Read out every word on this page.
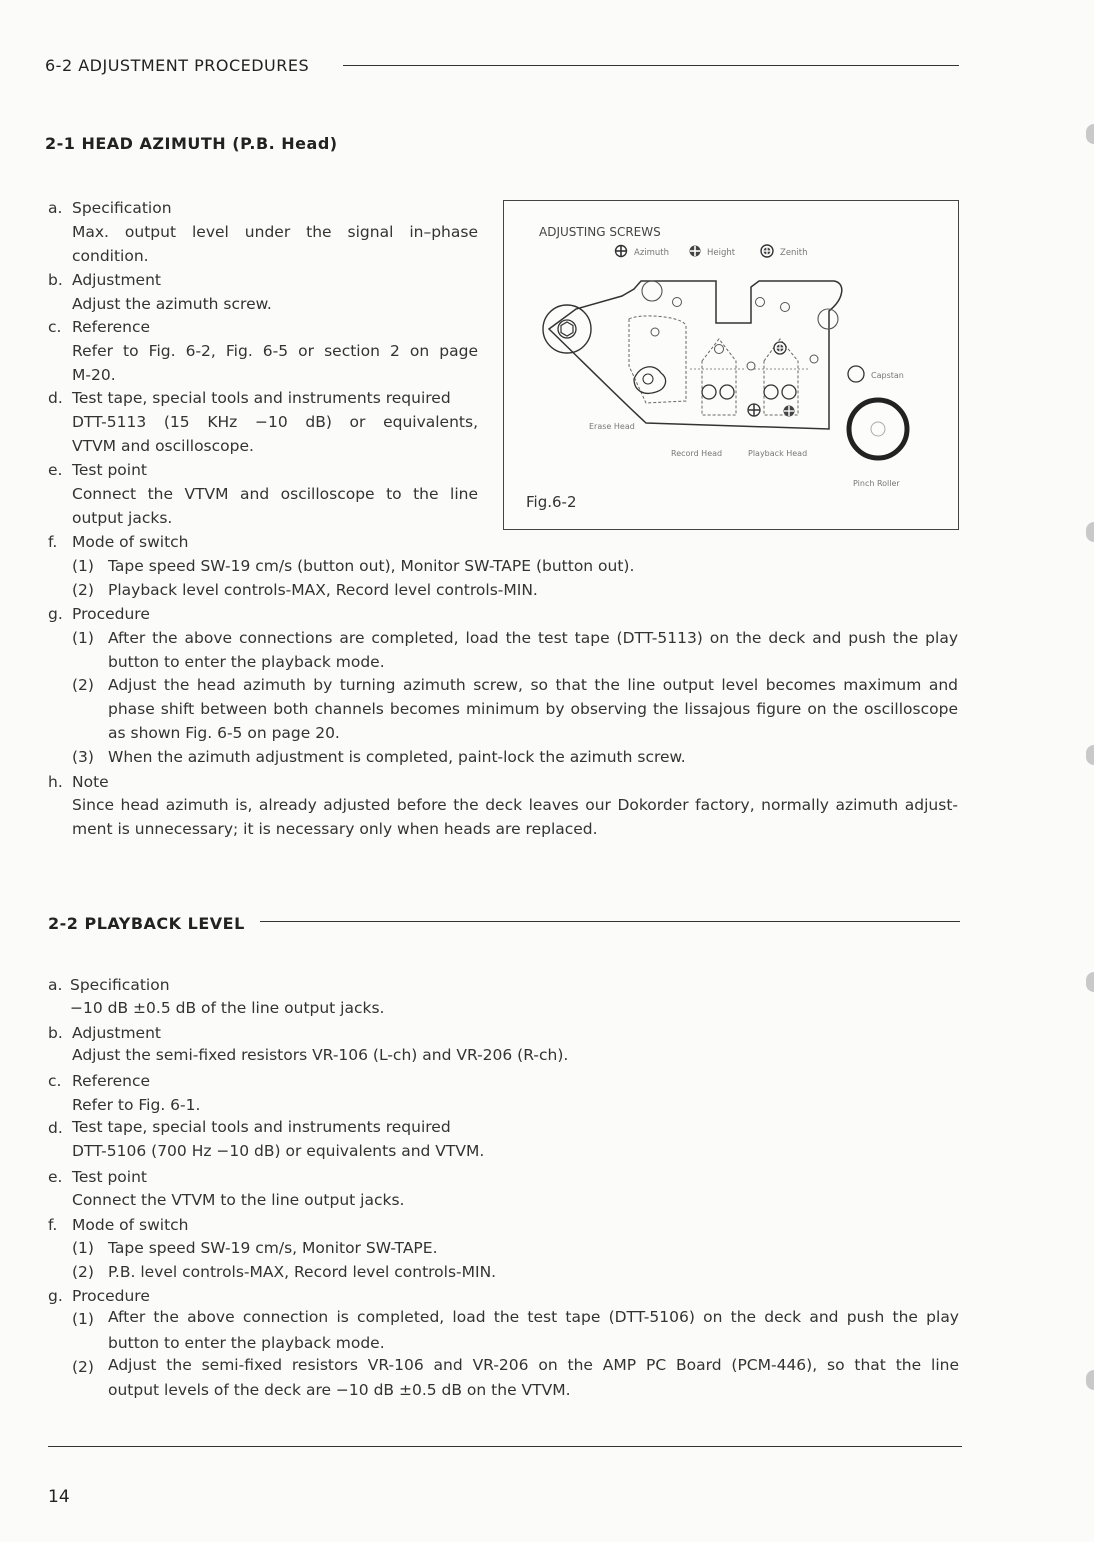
6-2 ADJUSTMENT PROCEDURES
2-1 HEAD AZIMUTH (P.B. Head)
a. Specification
Max. output level under the signal in–phase
condition.
b. Adjustment
Adjust the azimuth screw.
c. Reference
Refer to Fig. 6-2, Fig. 6-5 or section 2 on page
M-20.
d. Test tape, special tools and instruments required
DTT-5113 (15 KHz −10 dB) or equivalents,
VTVM and oscilloscope.
e. Test point
Connect the VTVM and oscilloscope to the line
output jacks.
f. Mode of switch
(1) Tape speed SW-19 cm/s (button out), Monitor SW-TAPE (button out).
(2) Playback level controls-MAX, Record level controls-MIN.
g. Procedure
(1) After the above connections are completed, load the test tape (DTT-5113) on the deck and push the play
button to enter the playback mode.
(2) Adjust the head azimuth by turning azimuth screw, so that the line output level becomes maximum and
phase shift between both channels becomes minimum by observing the lissajous figure on the oscilloscope
as shown Fig. 6-5 on page 20.
(3) When the azimuth adjustment is completed, paint-lock the azimuth screw.
h. Note
Since head azimuth is, already adjusted before the deck leaves our Dokorder factory, normally azimuth adjust-
ment is unnecessary; it is necessary only when heads are replaced.
ADJUSTING SCREWS
Azimuth	Height	Zenith
Capstan
Erase Head
Record Head	Playback Head
Pinch Roller
Fig.6-2
2-2 PLAYBACK LEVEL
a. Specification
−10 dB ±0.5 dB of the line output jacks.
b. Adjustment
Adjust the semi-fixed resistors VR-106 (L-ch) and VR-206 (R-ch).
c. Reference
Refer to Fig. 6-1.
d. Test tape, special tools and instruments required
DTT-5106 (700 Hz −10 dB) or equivalents and VTVM.
e. Test point
Connect the VTVM to the line output jacks.
f. Mode of switch
(1) Tape speed SW-19 cm/s, Monitor SW-TAPE.
(2) P.B. level controls-MAX, Record level controls-MIN.
g. Procedure
(1) After the above connection is completed, load the test tape (DTT-5106) on the deck and push the play
button to enter the playback mode.
(2) Adjust the semi-fixed resistors VR-106 and VR-206 on the AMP PC Board (PCM-446), so that the line
output levels of the deck are −10 dB ±0.5 dB on the VTVM.
14
